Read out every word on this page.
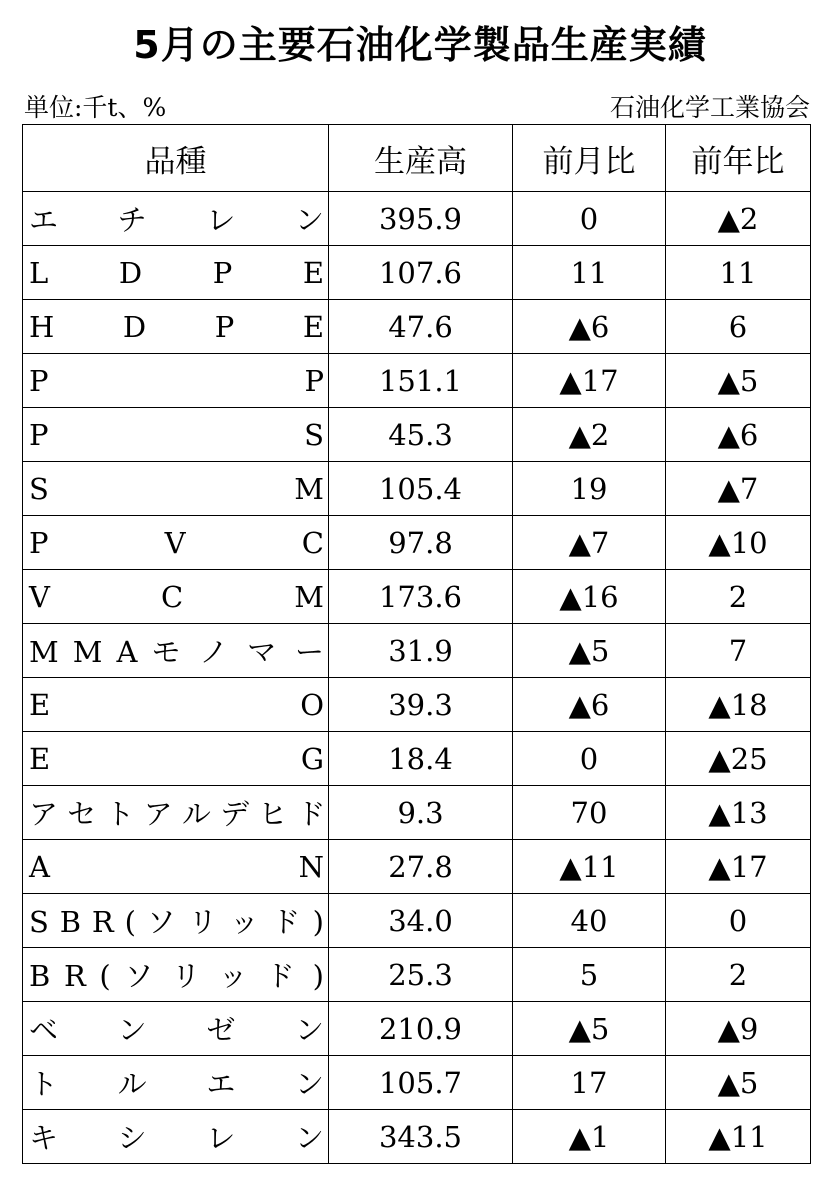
5月の主要石油化学製品生産実績
単位:千t、%	石油化学工業協会
品種	生産高	前月比	前年比
エ チ レ ン	395.9	0	▲2
L D P E	107.6	11	11
H D P E	47.6	▲6	6
P P	151.1	▲17	▲5
P S	45.3	▲2	▲6
S M	105.4	19	▲7
P V C	97.8	▲7	▲10
V C M	173.6	▲16	2
M M A モ ノ マ ー	31.9	▲5	7
E O	39.3	▲6	▲18
E G	18.4	0	▲25
ア セ ト ア ル デ ヒ ド	9.3	70	▲13
A N	27.8	▲11	▲17
S B R ( ソ リ ッ ド )	34.0	40	0
B R ( ソ リ ッ ド )	25.3	5	2
ベ ン ゼ ン	210.9	▲5	▲9
ト ル エ ン	105.7	17	▲5
キ シ レ ン	343.5	▲1	▲11
